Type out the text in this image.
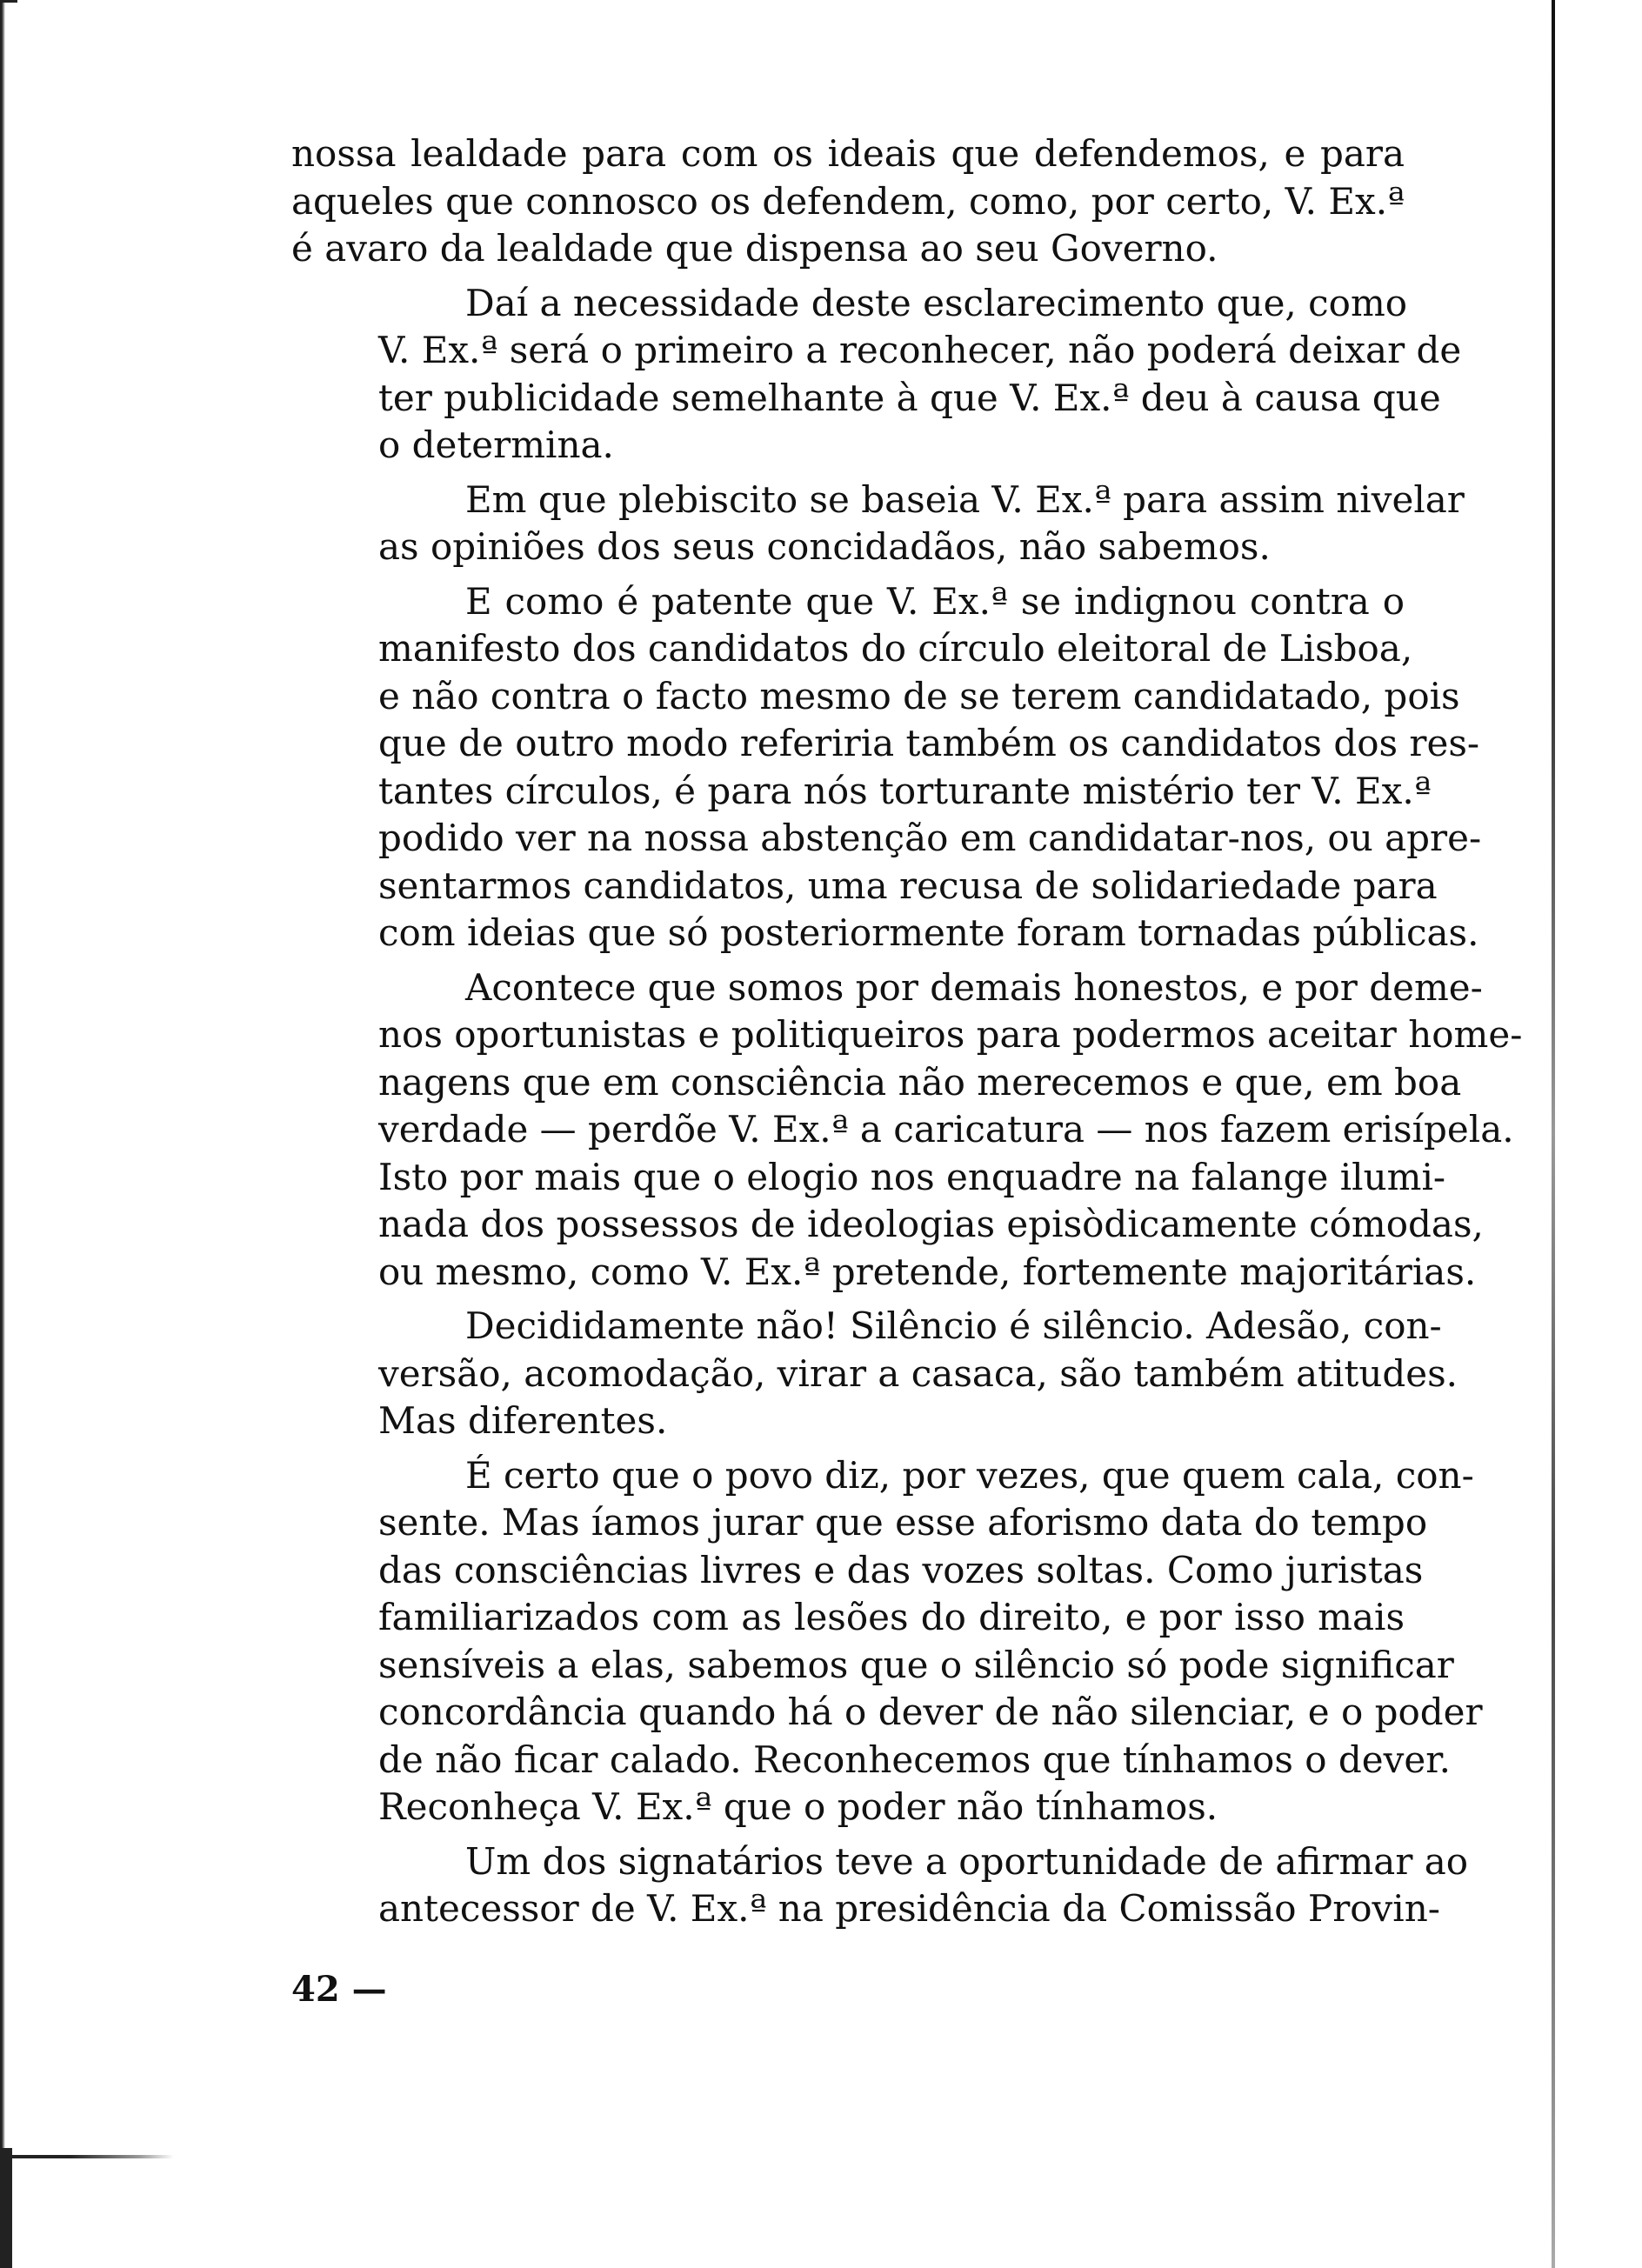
nossa lealdade para com os ideais que defendemos, e para
aqueles que connosco os defendem, como, por certo, V. Ex.ª
é avaro da lealdade que dispensa ao seu Governo.
Daí a necessidade deste esclarecimento que, como
V. Ex.ª será o primeiro a reconhecer, não poderá deixar de
ter publicidade semelhante à que V. Ex.ª deu à causa que
o determina.
Em que plebiscito se baseia V. Ex.ª para assim nivelar
as opiniões dos seus concidadãos, não sabemos.
E como é patente que V. Ex.ª se indignou contra o
manifesto dos candidatos do círculo eleitoral de Lisboa,
e não contra o facto mesmo de se terem candidatado, pois
que de outro modo referiria também os candidatos dos res-
tantes círculos, é para nós torturante mistério ter V. Ex.ª
podido ver na nossa abstenção em candidatar-nos, ou apre-
sentarmos candidatos, uma recusa de solidariedade para
com ideias que só posteriormente foram tornadas públicas.
Acontece que somos por demais honestos, e por deme-
nos oportunistas e politiqueiros para podermos aceitar home-
nagens que em consciência não merecemos e que, em boa
verdade — perdõe V. Ex.ª a caricatura — nos fazem erisípela.
Isto por mais que o elogio nos enquadre na falange ilumi-
nada dos possessos de ideologias episòdicamente cómodas,
ou mesmo, como V. Ex.ª pretende, fortemente majoritárias.
Decididamente não! Silêncio é silêncio. Adesão, con-
versão, acomodação, virar a casaca, são também atitudes.
Mas diferentes.
É certo que o povo diz, por vezes, que quem cala, con-
sente. Mas íamos jurar que esse aforismo data do tempo
das consciências livres e das vozes soltas. Como juristas
familiarizados com as lesões do direito, e por isso mais
sensíveis a elas, sabemos que o silêncio só pode significar
concordância quando há o dever de não silenciar, e o poder
de não ficar calado. Reconhecemos que tínhamos o dever.
Reconheça V. Ex.ª que o poder não tínhamos.
Um dos signatários teve a oportunidade de afirmar ao
antecessor de V. Ex.ª na presidência da Comissão Provin-
42 —
